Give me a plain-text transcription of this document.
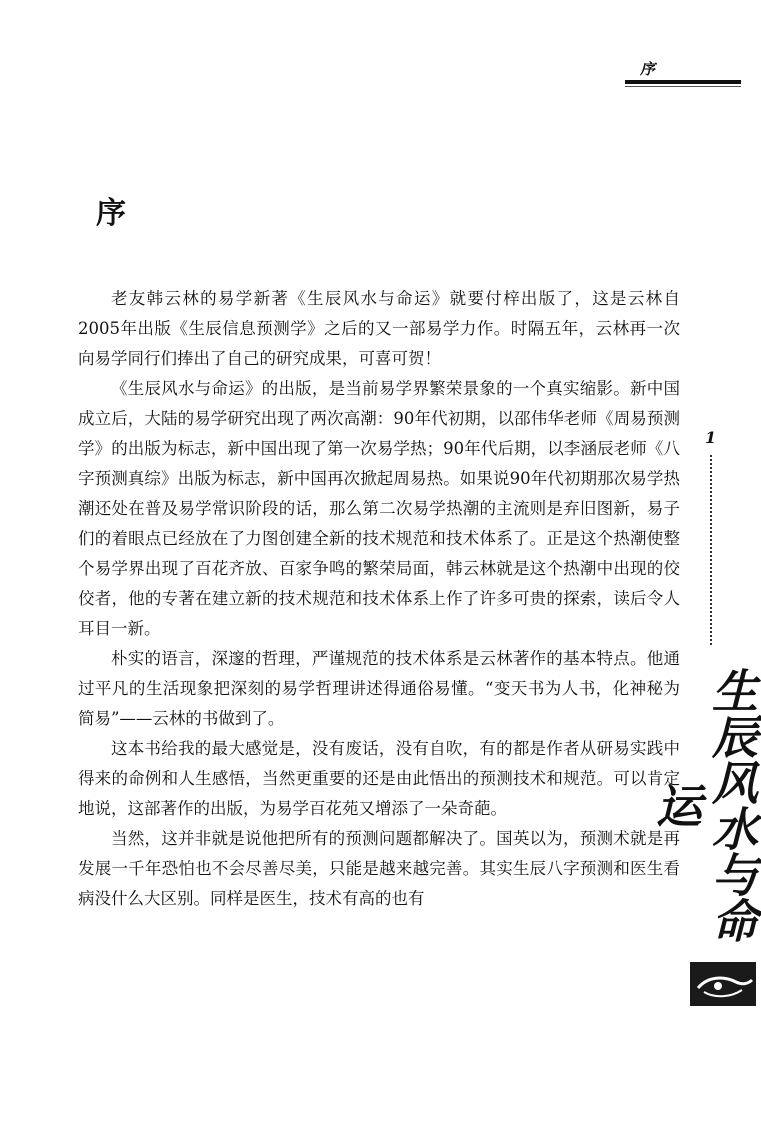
序
序

老友韩云林的易学新著《生辰风水与命运》就要付梓出版了，这是云林自2005年出版《生辰信息预测学》之后的又一部易学力作。时隔五年，云林再一次向易学同行们捧出了自己的研究成果，可喜可贺！

《生辰风水与命运》的出版，是当前易学界繁荣景象的一个真实缩影。新中国成立后，大陆的易学研究出现了两次高潮：90年代初期，以邵伟华老师《周易预测学》的出版为标志，新中国出现了第一次易学热；90年代后期，以李涵辰老师《八字预测真综》出版为标志，新中国再次掀起周易热。如果说90年代初期那次易学热潮还处在普及易学常识阶段的话，那么第二次易学热潮的主流则是弃旧图新，易子们的着眼点已经放在了力图创建全新的技术规范和技术体系了。正是这个热潮使整个易学界出现了百花齐放、百家争鸣的繁荣局面，韩云林就是这个热潮中出现的佼佼者，他的专著在建立新的技术规范和技术体系上作了许多可贵的探索，读后令人耳目一新。

朴实的语言，深邃的哲理，严谨规范的技术体系是云林著作的基本特点。他通过平凡的生活现象把深刻的易学哲理讲述得通俗易懂。“变天书为人书，化神秘为简易”——云林的书做到了。

这本书给我的最大感觉是，没有废话，没有自吹，有的都是作者从研易实践中得来的命例和人生感悟，当然更重要的还是由此悟出的预测技术和规范。可以肯定地说，这部著作的出版，为易学百花苑又增添了一朵奇葩。

当然，这并非就是说他把所有的预测问题都解决了。国英以为，预测术就是再发展一千年恐怕也不会尽善尽美，只能是越来越完善。其实生辰八字预测和医生看病没什么大区别。同样是医生，技术有高的也有

1
生辰风水与命运
